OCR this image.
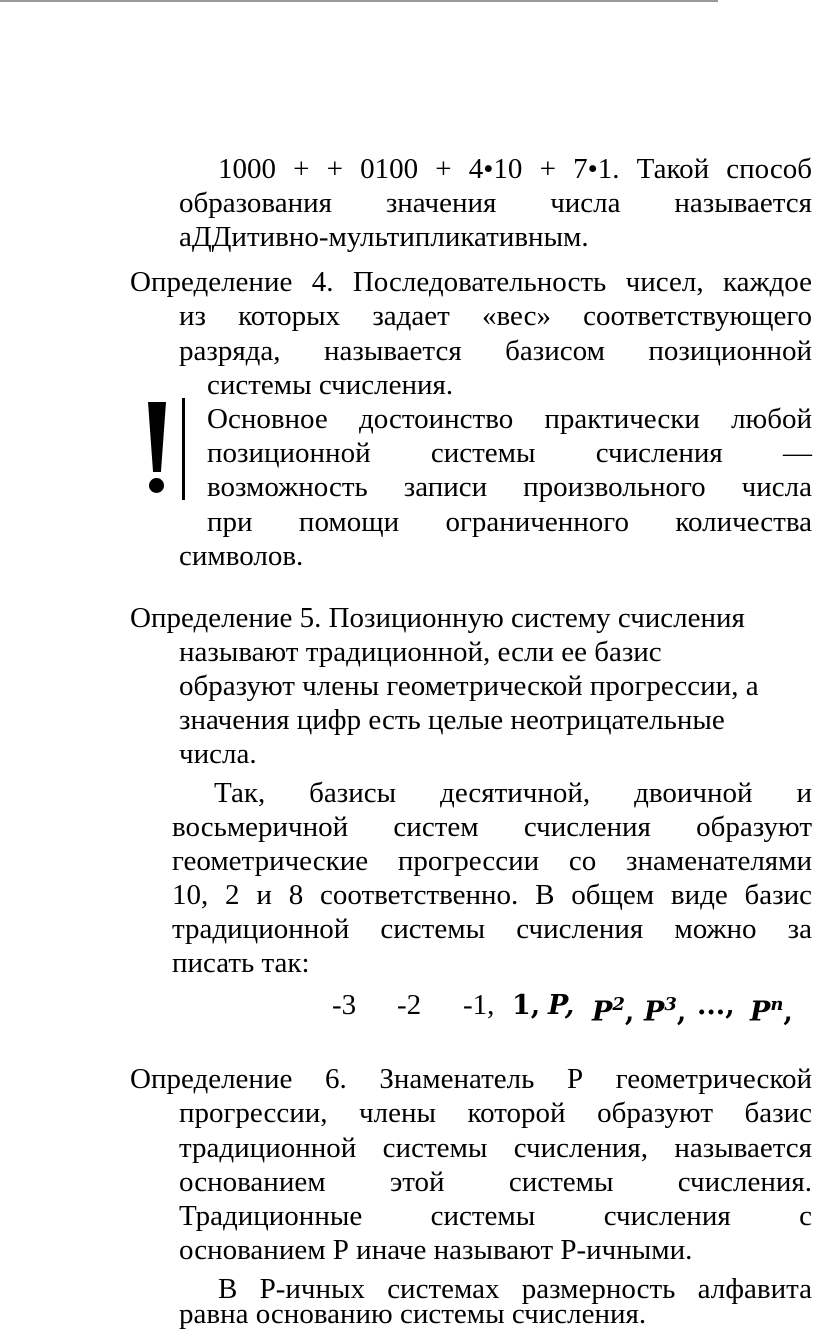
1000 + + 0100 + 4•10 + 7•1. Такой способ
образования значения числа называется
аДДитивно-мультипликативным.
Определение 4. Последовательность чисел, каждое
из которых задает «вес» соответствующего
разряда, называется базисом позиционной
системы счисления.
Основное достоинство практически любой
позиционной системы счисления —
возможность записи произвольного числа
при помощи ограниченного количества
символов.
Определение 5. Позиционную систему счисления
называют традиционной, если ее базис
образуют члены геометрической прогрессии, а
значения цифр есть целые неотрицательные
числа.
Так, базисы десятичной, двоичной и
восьмеричной систем счисления образуют
геометрические прогрессии со знаменателями
10, 2 и 8 соответственно. В общем виде базис
традиционной системы счисления можно за
писать так:
-3 -2 -1, 1, P, $P^2$, $P^3$, ..., $P^n$,
Определение 6. Знаменатель Р геометрической
прогрессии, члены которой образуют базис
традиционной системы счисления, называется
основанием этой системы счисления.
Традиционные системы счисления с
основанием Р иначе называют Р-ичными.
В Р-ичных системах размерность алфавита
равна основанию системы счисления.
